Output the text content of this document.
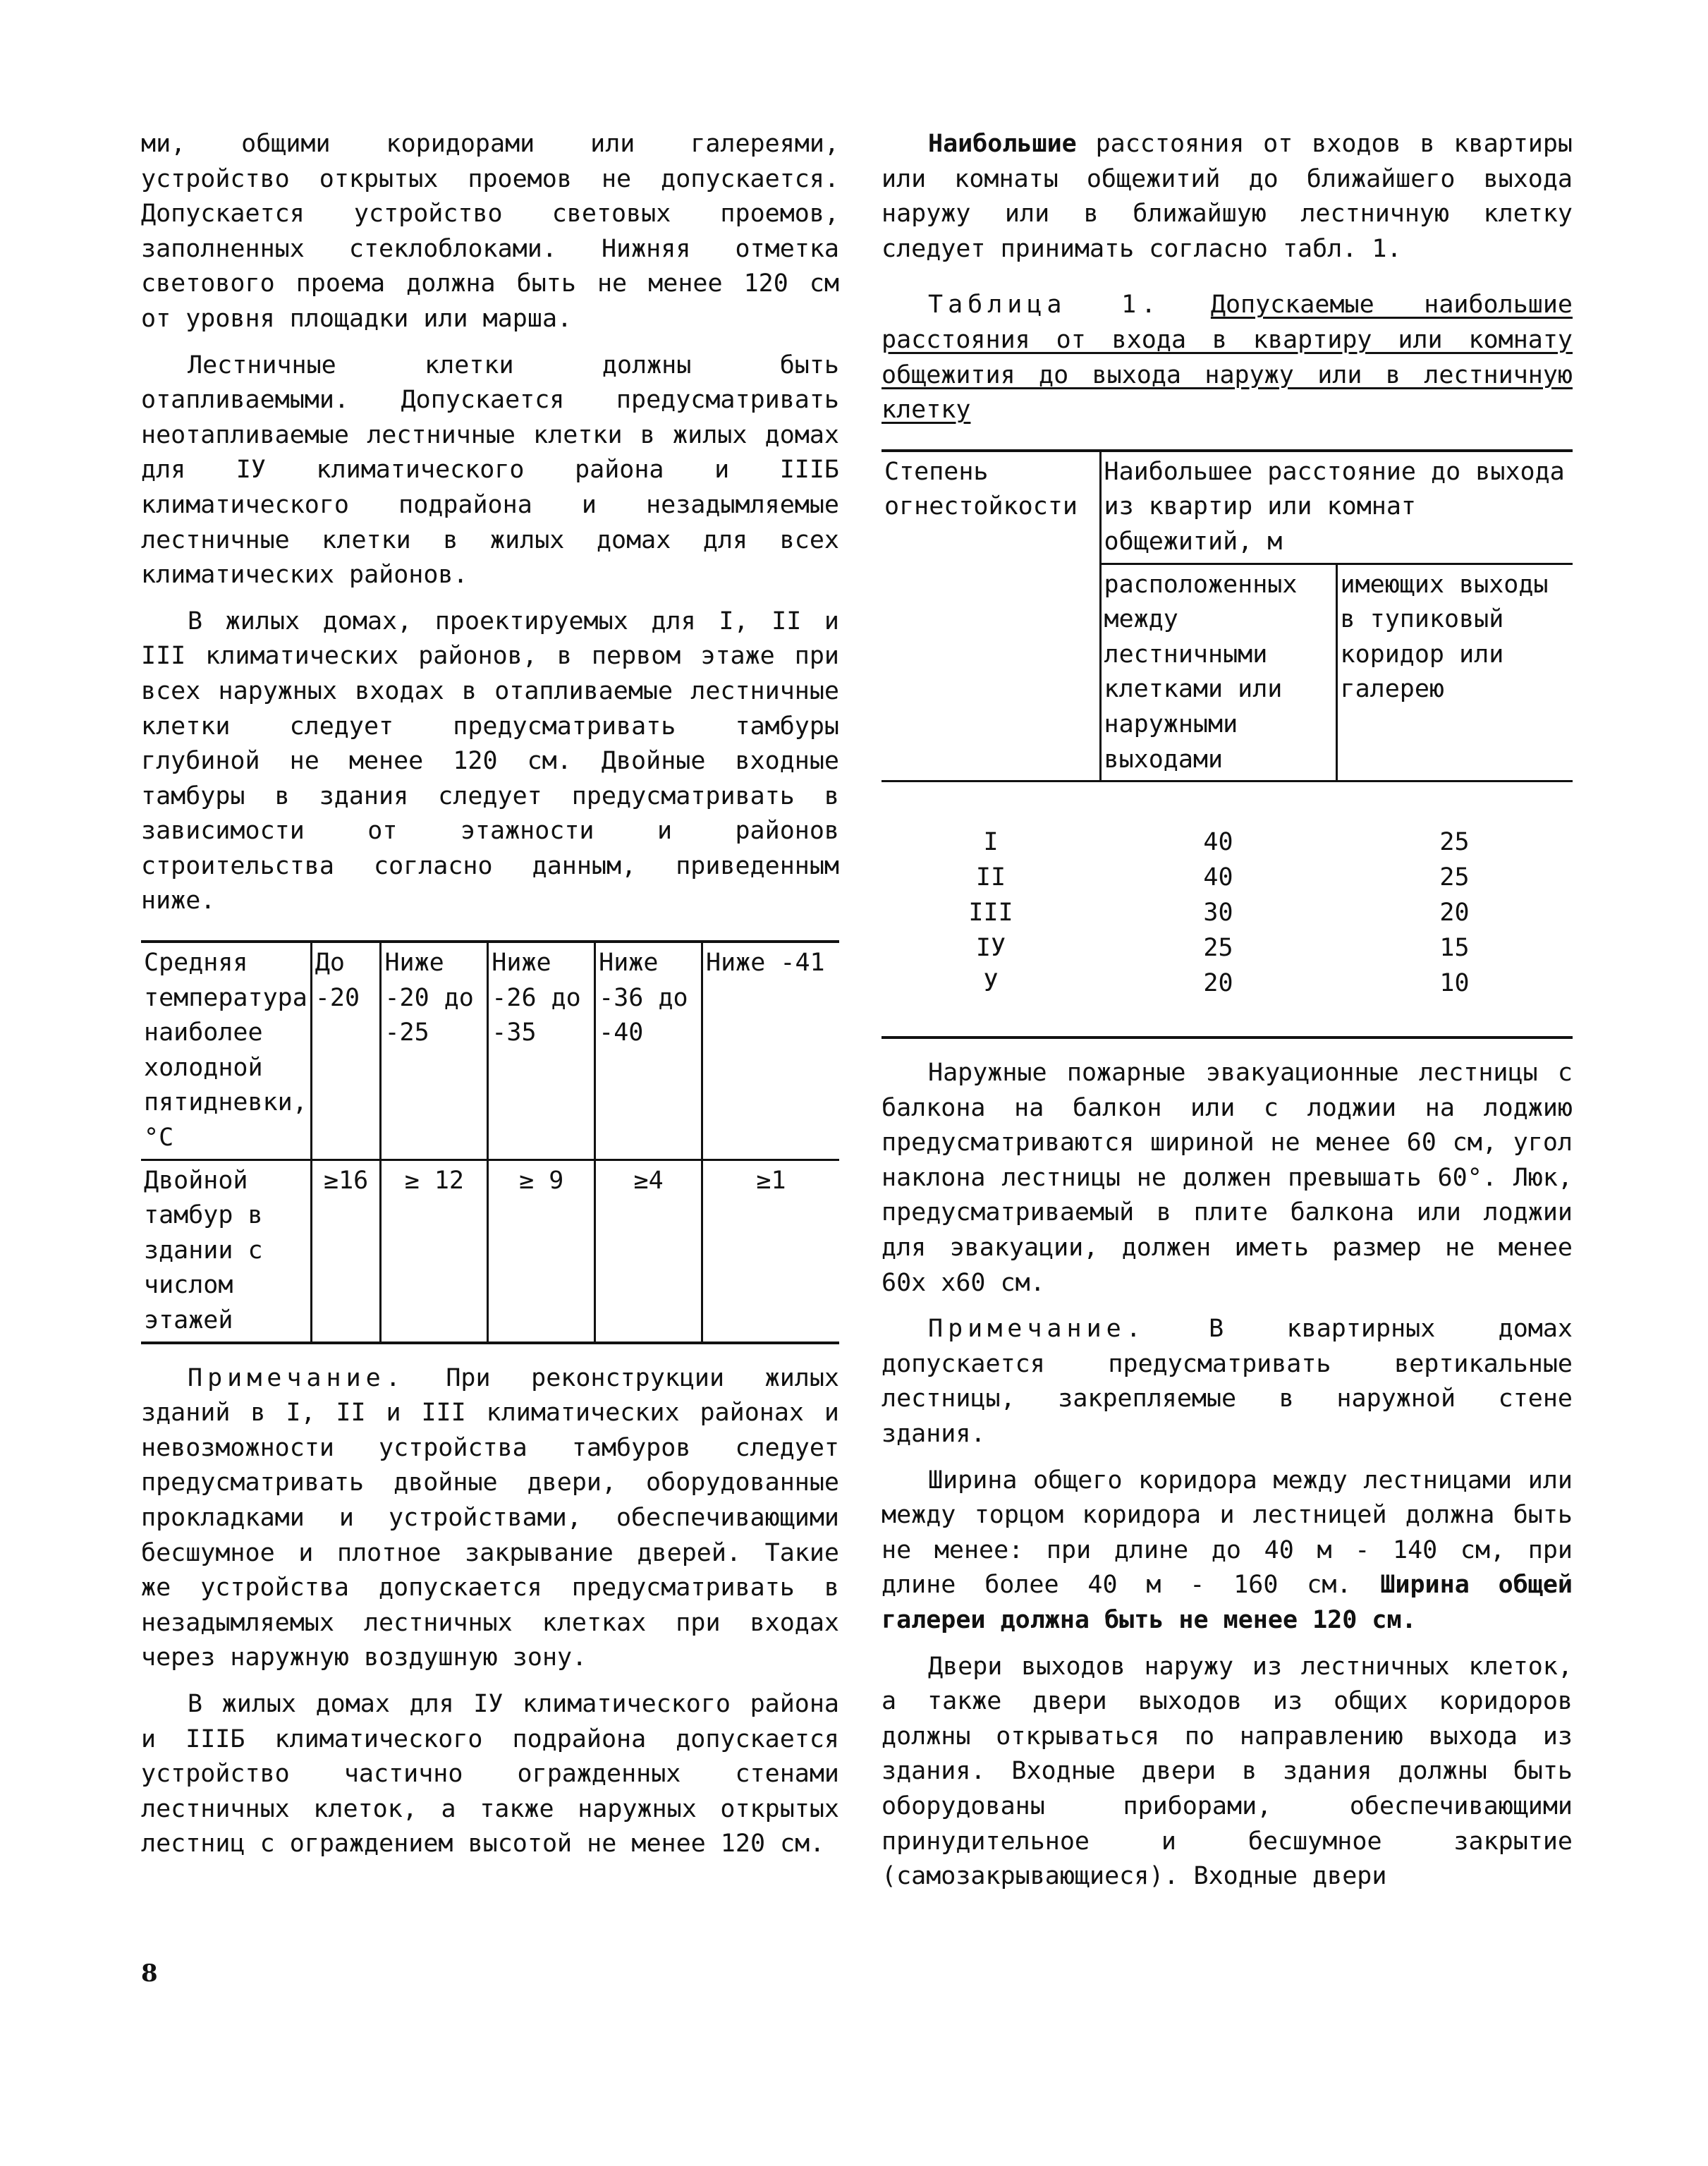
ми, общими коридорами или галереями, устройство открытых проемов не допускается. Допускается устройство световых проемов, заполненных стеклоблоками. Нижняя отметка светового проема должна быть не менее 120 см от уровня площадки или марша.

Лестничные клетки должны быть отапливаемыми. Допускается предусматривать неотапливаемые лестничные клетки в жилых домах для IУ климатического района и IIIБ климатического подрайона и незадымляемые лестничные клетки в жилых домах для всех климатических районов.

В жилых домах, проектируемых для I, II и III климатических районов, в первом этаже при всех наружных входах в отапливаемые лестничные клетки следует предусматривать тамбуры глубиной не менее 120 см. Двойные входные тамбуры в здания следует предусматривать в зависимости от этажности и районов строительства согласно данным, приведенным ниже.

Средняя температура наиболее холодной пятидневки, °С	До -20	Ниже -20 до -25	Ниже -26 до -35	Ниже -36 до -40	Ниже -41
Двойной тамбур в здании с числом этажей	≥16	≥ 12	≥ 9	≥4	≥1

Примечание. При реконструкции жилых зданий в I, II и III климатических районах и невозможности устройства тамбуров следует предусматривать двойные двери, оборудованные прокладками и устройствами, обеспечивающими бесшумное и плотное закрывание дверей. Такие же устройства допускается предусматривать в незадымляемых лестничных клетках при входах через наружную воздушную зону.

В жилых домах для IУ климатического района и IIIБ климатического подрайона допускается устройство частично огражденных стенами лестничных клеток, а также наружных открытых лестниц с ограждением высотой не менее 120 см.

Наибольшие расстояния от входов в квартиры или комнаты общежитий до ближайшего выхода наружу или в ближайшую лестничную клетку следует принимать согласно табл. 1.

Таблица 1. Допускаемые наибольшие расстояния от входа в квартиру или комнату общежития до выхода наружу или в лестничную клетку

Степень огнестойкости	Наибольшее расстояние до выхода из квартир или комнат общежитий, м	
	расположенных между лестничными клетками или наружными выходами	имеющих выходы в тупиковый коридор или галерею
I	40	25
II	40	25
III	30	20
IУ	25	15
У	20	10

Наружные пожарные эвакуационные лестницы с балкона на балкон или с лоджии на лоджию предусматриваются шириной не менее 60 см, угол наклона лестницы не должен превышать 60°. Люк, предусматриваемый в плите балкона или лоджии для эвакуации, должен иметь размер не менее 60х х60 см.

Примечание. В квартирных домах допускается предусматривать вертикальные лестницы, закрепляемые в наружной стене здания.

Ширина общего коридора между лестницами или между торцом коридора и лестницей должна быть не менее: при длине до 40 м - 140 см, при длине более 40 м - 160 см. Ширина общей галереи должна быть не менее 120 см.

Двери выходов наружу из лестничных клеток, а также двери выходов из общих коридоров должны открываться по направлению выхода из здания. Входные двери в здания должны быть оборудованы приборами, обеспечивающими принудительное и бесшумное закрытие (самозакрывающиеся). Входные двери

8
